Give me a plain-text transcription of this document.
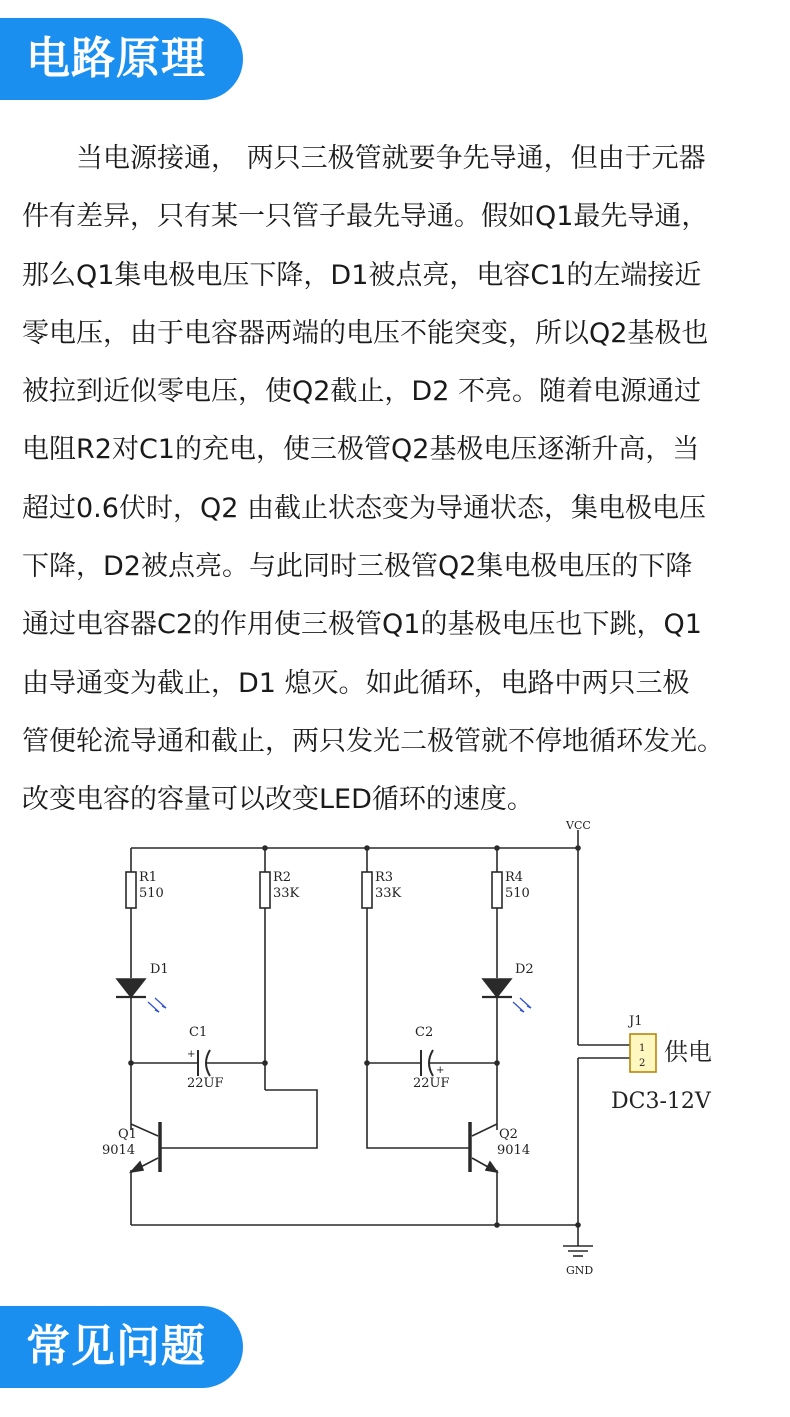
电路原理
　　当电源接通， 两只三极管就要争先导通，但由于元器
件有差异，只有某一只管子最先导通。假如Q1最先导通，
那么Q1集电极电压下降，D1被点亮，电容C1的左端接近
零电压，由于电容器两端的电压不能突变，所以Q2基极也
被拉到近似零电压，使Q2截止，D2 不亮。随着电源通过
电阻R2对C1的充电，使三极管Q2基极电压逐渐升高，当
超过0.6伏时，Q2 由截止状态变为导通状态，集电极电压
下降，D2被点亮。与此同时三极管Q2集电极电压的下降
通过电容器C2的作用使三极管Q1的基极电压也下跳，Q1
由导通变为截止，D1 熄灭。如此循环，电路中两只三极
管便轮流导通和截止，两只发光二极管就不停地循环发光。
改变电容的容量可以改变LED循环的速度。
VCC
GND
R1
510
R2
33K
R3
33K
R4
510
D1	D2
C1
+
22UF
C2
+
22UF
Q1
9014
Q2
9014
J1
1
2 供电
DC3-12V
常见问题
